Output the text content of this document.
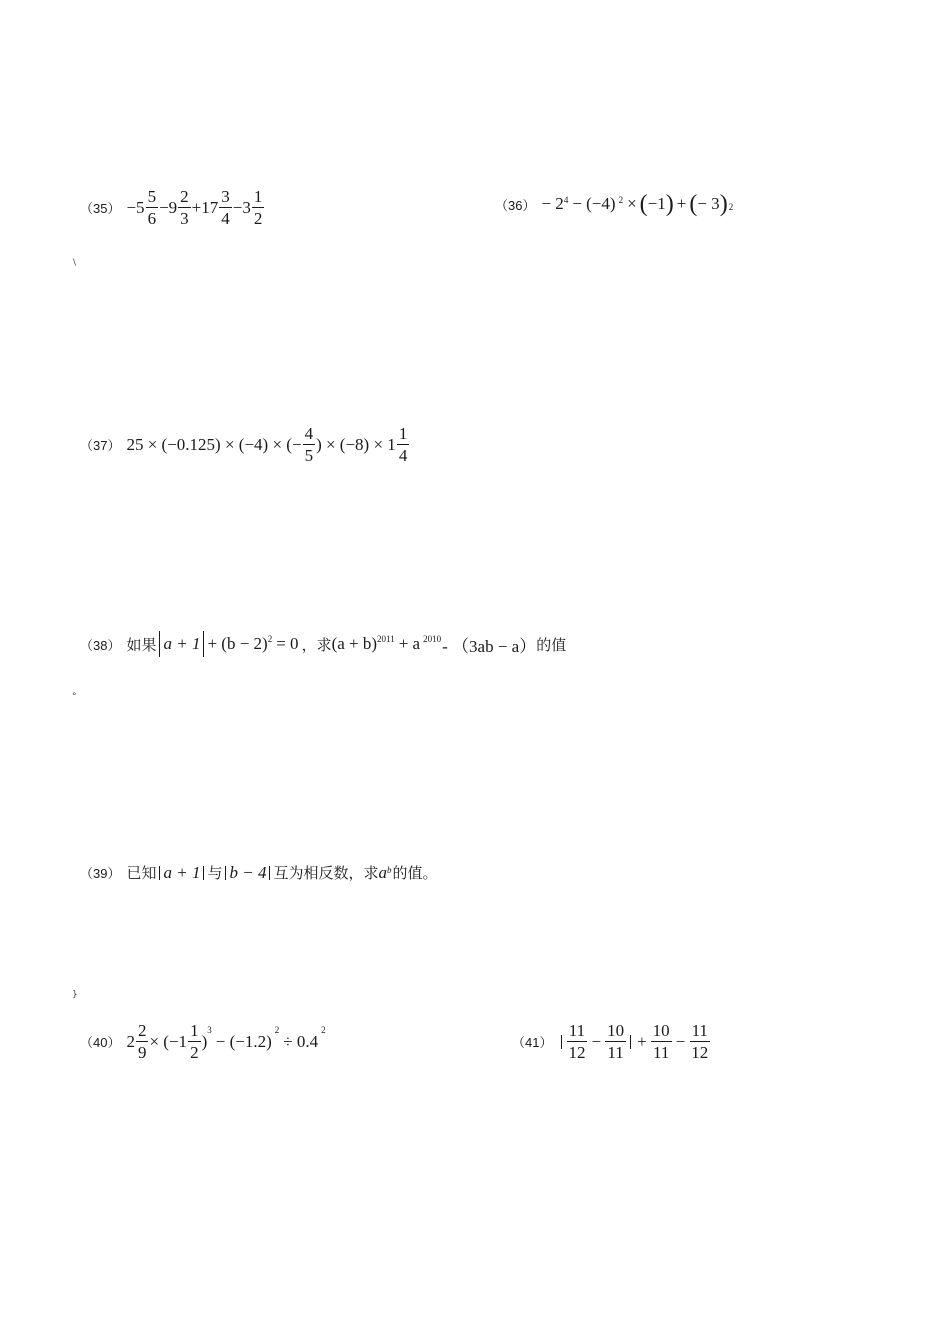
$(35) -5 \frac{5}{6} -9 \frac{2}{3} +17 \frac{3}{4} -3 \frac{1}{2}$	（36） − 2 4 − (−4) 2 × ( −1 ) + ( − 3 ) 2
\
（37） 25 × (−0.125) × (−4) × (− $\frac{4}{5}$ ) × $(-8) \times 1 \frac{1}{4}$
（38） 如果 a + 1 + (b − 2) 2 = 0 ，求 (a + b) 2011 + a 2010 - （3ab − a） 的值
°
（39） 已知 a + 1 与 b − 4 互为相反数，求 a b 的值。
}
（40） $2 \frac{2}{9} \times (-1 \frac{1}{2}$ )
3
− (−1.2)
2
÷ 0.4
2
$(41) \frac{11}{12} - \frac{10}{11} + \frac{10}{11} - \frac{11}{12}$
